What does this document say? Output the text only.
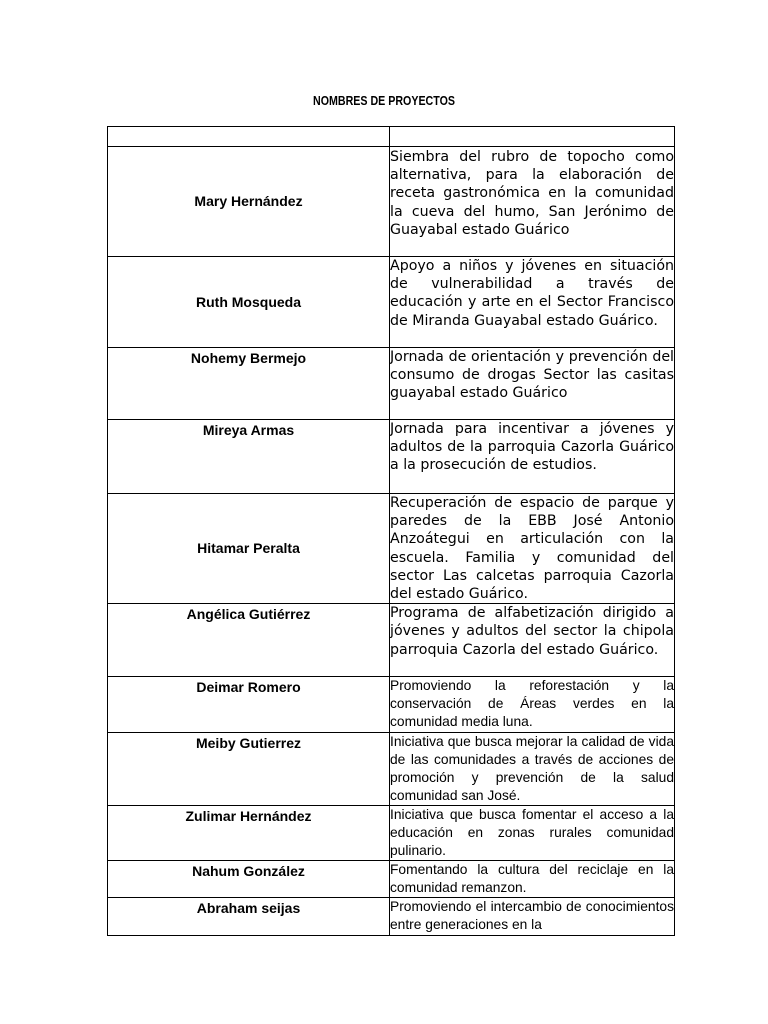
NOMBRES DE PROYECTOS

Mary Hernández	Siembra del rubro de topocho como alternativa, para la elaboración de receta gastronómica en la comunidad la cueva del humo, San Jerónimo de Guayabal estado Guárico

Ruth Mosqueda	Apoyo a niños y jóvenes en situación de vulnerabilidad a través de educación y arte en el Sector Francisco de Miranda Guayabal estado Guárico.

Nohemy Bermejo	Jornada de orientación y prevención del consumo de drogas Sector las casitas guayabal estado Guárico

Mireya Armas	Jornada para incentivar a jóvenes y adultos de la parroquia Cazorla Guárico a la prosecución de estudios.

Hitamar Peralta	Recuperación de espacio de parque y paredes de la EBB José Antonio Anzoátegui en articulación con la escuela. Familia y comunidad del sector Las calcetas parroquia Cazorla del estado Guárico.

Angélica Gutiérrez	Programa de alfabetización dirigido a jóvenes y adultos del sector la chipola parroquia Cazorla del estado Guárico.

Deimar Romero	Promoviendo la reforestación y la conservación de Áreas verdes en la comunidad media luna.

Meiby Gutierrez	Iniciativa que busca mejorar la calidad de vida de las comunidades a través de acciones de promoción y prevención de la salud comunidad san José.

Zulimar Hernández	Iniciativa que busca fomentar el acceso a la educación en zonas rurales comunidad pulinario.

Nahum González	Fomentando la cultura del reciclaje en la comunidad remanzon.

Abraham seijas	Promoviendo el intercambio de conocimientos entre generaciones en la
